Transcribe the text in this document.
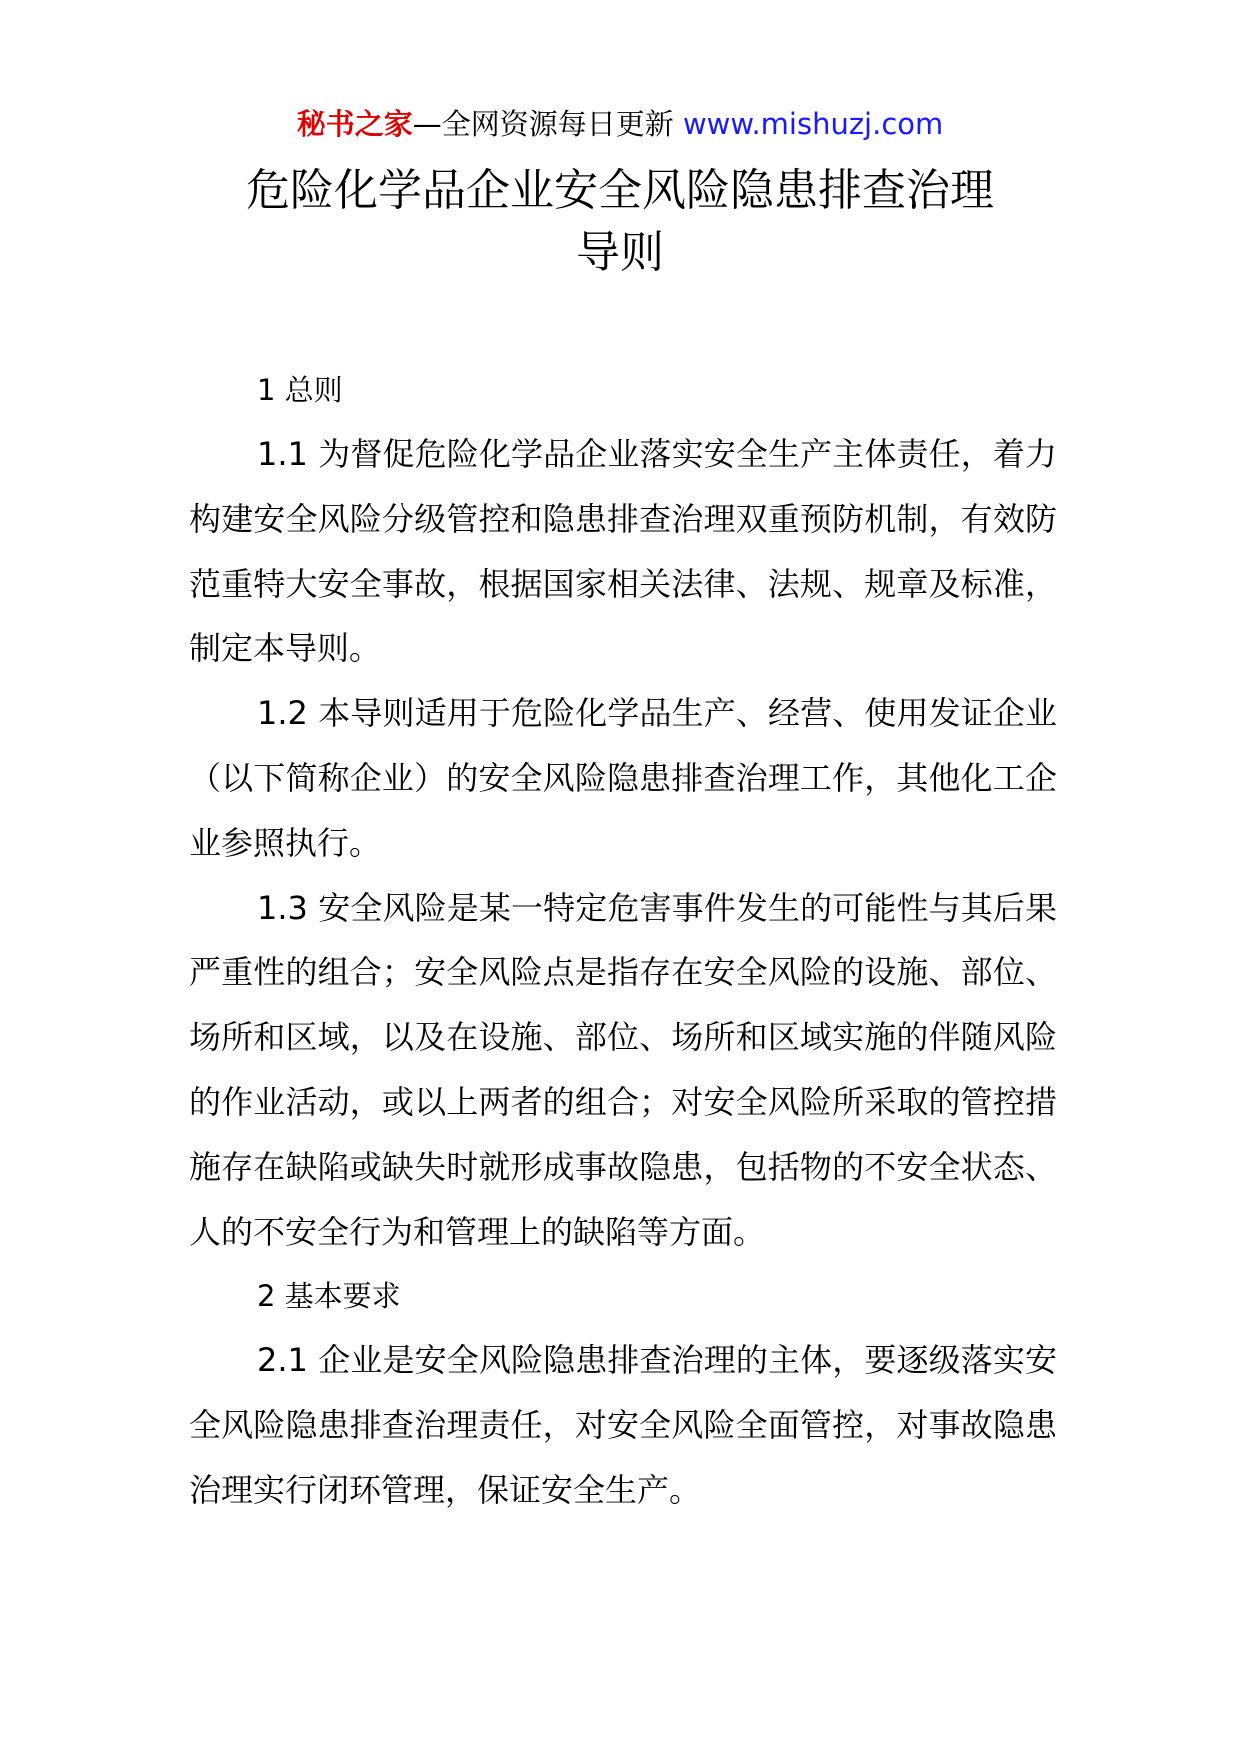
秘书之家—全网资源每日更新 www.mishuzj.com
危险化学品企业安全风险隐患排查治理
导则

1 总则

1.1 为督促危险化学品企业落实安全生产主体责任，着力构建安全风险分级管控和隐患排查治理双重预防机制，有效防范重特大安全事故，根据国家相关法律、法规、规章及标准，制定本导则。

1.2 本导则适用于危险化学品生产、经营、使用发证企业（以下简称企业）的安全风险隐患排查治理工作，其他化工企业参照执行。

1.3 安全风险是某一特定危害事件发生的可能性与其后果严重性的组合；安全风险点是指存在安全风险的设施、部位、场所和区域，以及在设施、部位、场所和区域实施的伴随风险的作业活动，或以上两者的组合；对安全风险所采取的管控措施存在缺陷或缺失时就形成事故隐患，包括物的不安全状态、人的不安全行为和管理上的缺陷等方面。

2 基本要求

2.1 企业是安全风险隐患排查治理的主体，要逐级落实安全风险隐患排查治理责任，对安全风险全面管控，对事故隐患治理实行闭环管理，保证安全生产。
